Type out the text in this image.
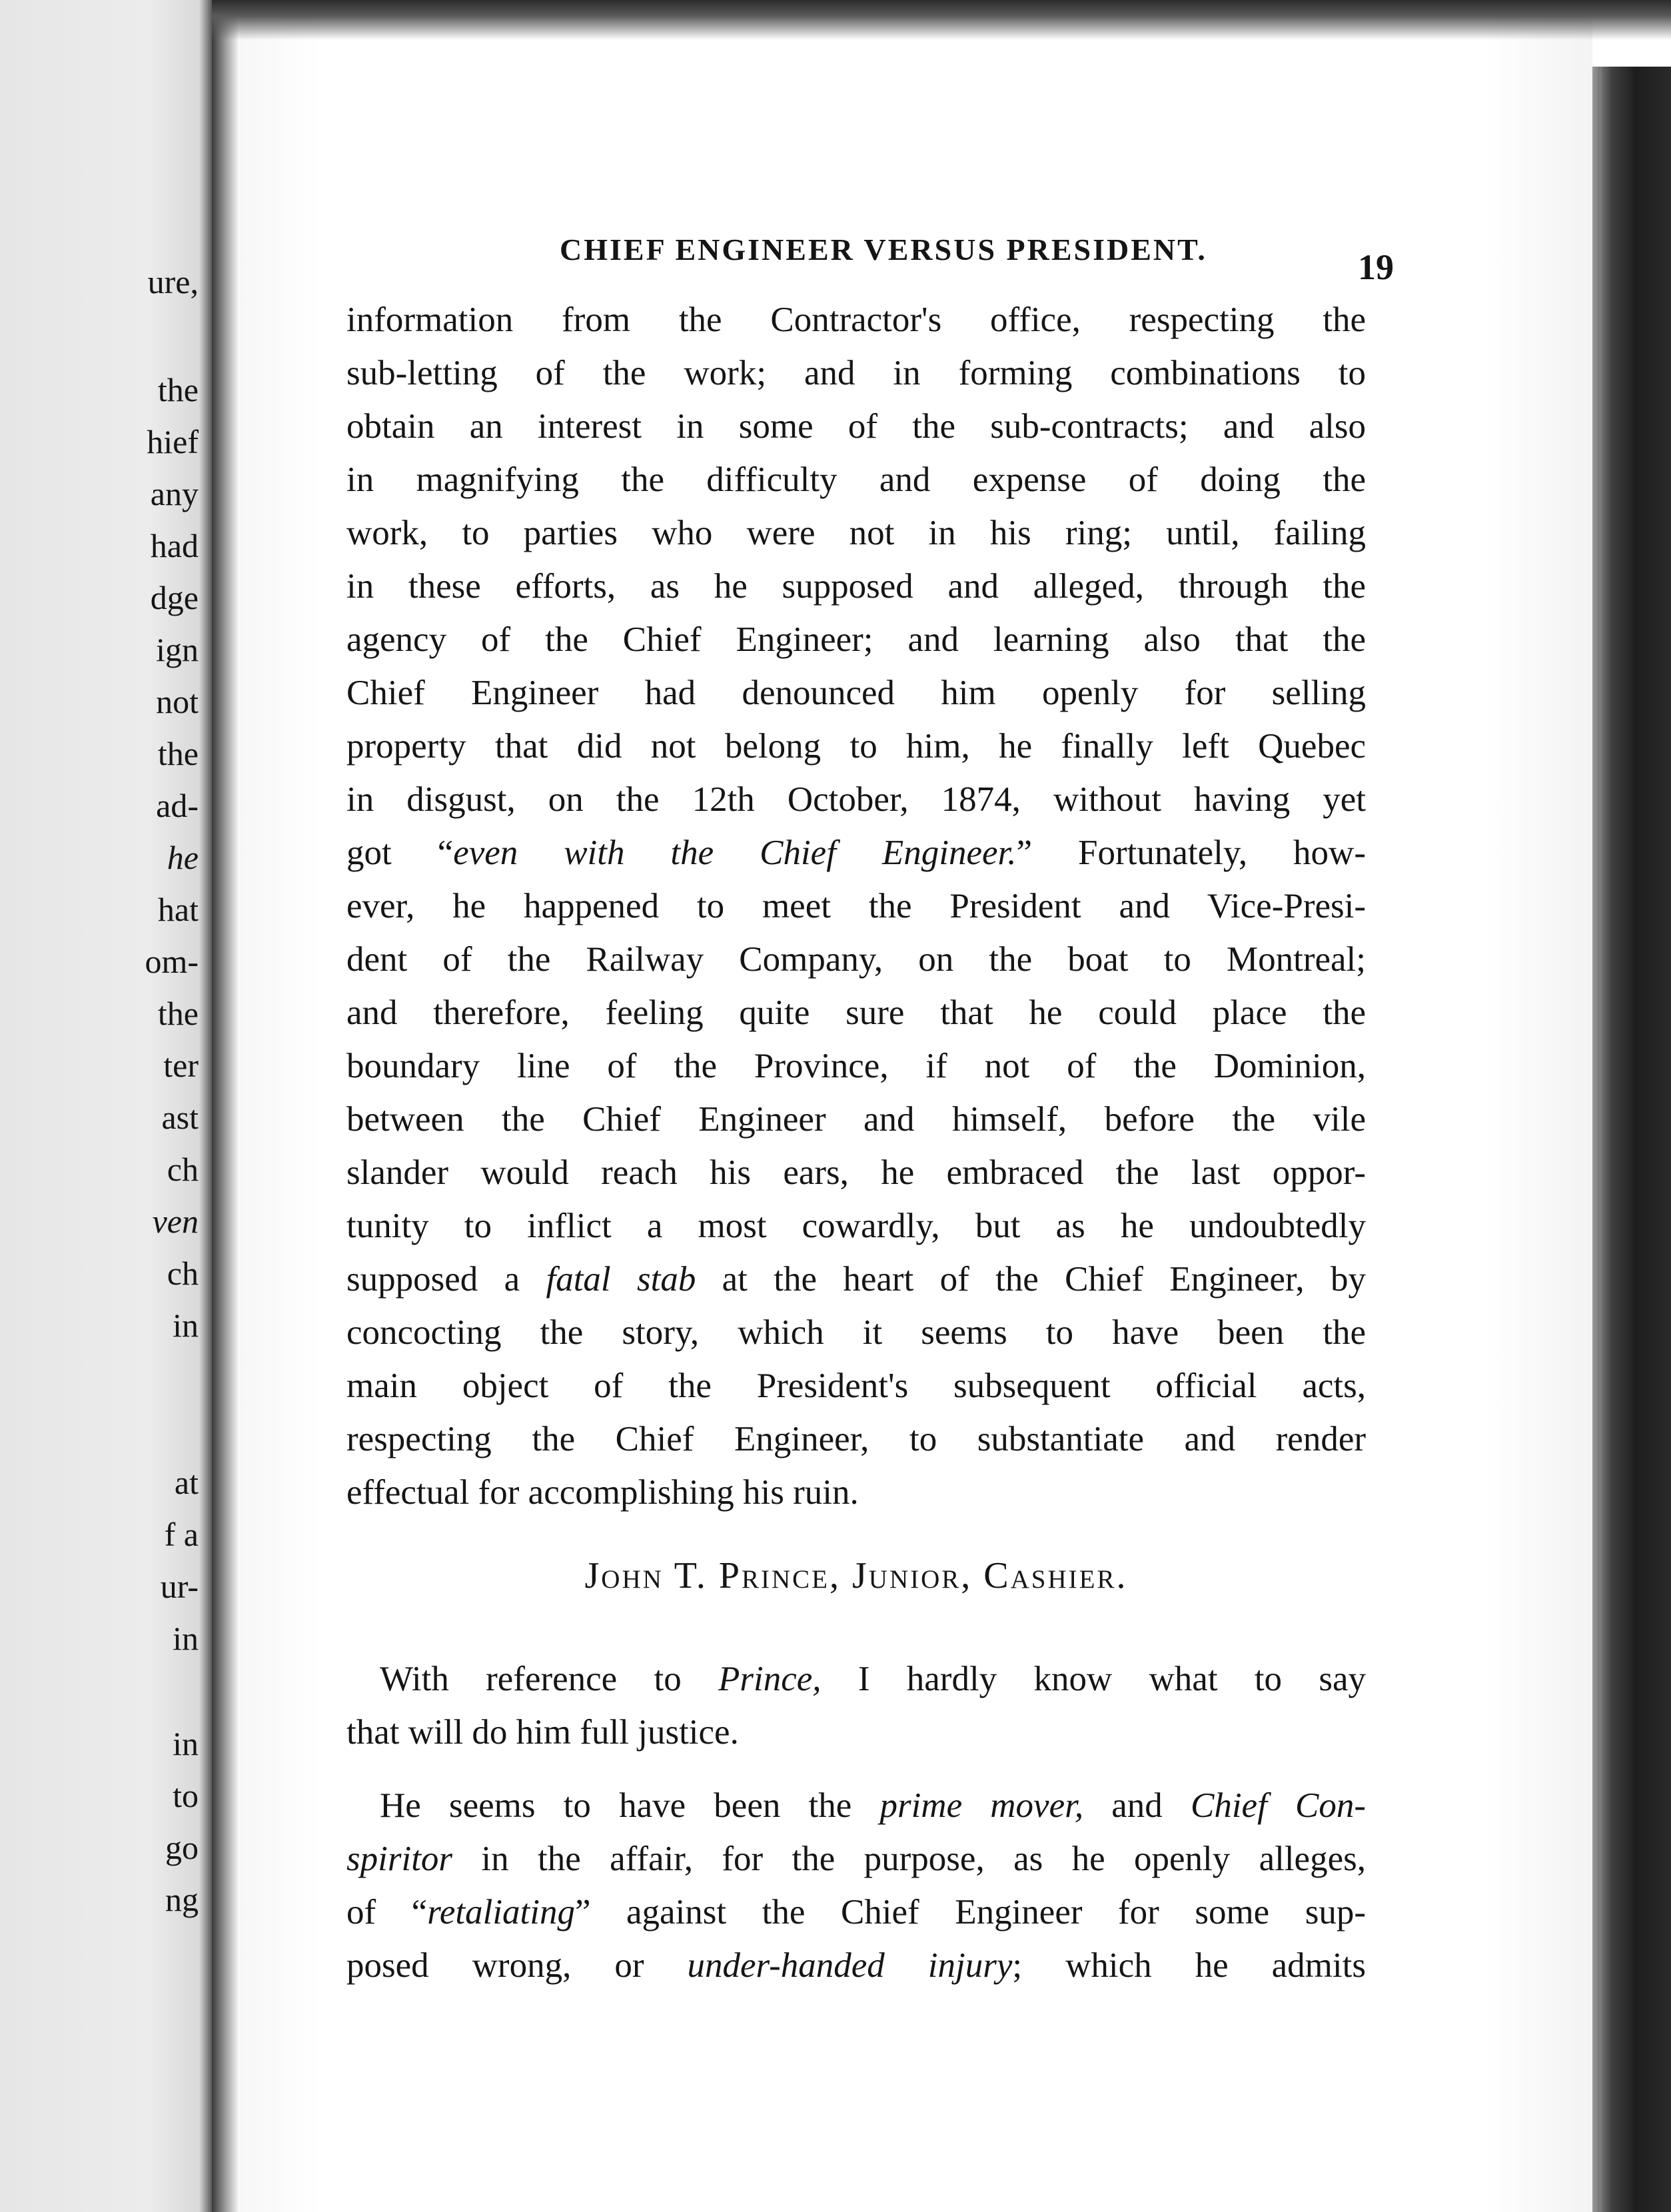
ure,
the
hief
any
had
dge
ign
not
the
ad-
he
hat
om-
the
ter
ast
ch
ven
ch
in
at
f a
ur-
in
in
to
go
ng
CHIEF ENGINEER VERSUS PRESIDENT.	19
information from the Contractor's office, respecting the
sub-letting of the work; and in forming combinations to
obtain an interest in some of the sub-contracts; and also
in magnifying the difficulty and expense of doing the
work, to parties who were not in his ring; until, failing
in these efforts, as he supposed and alleged, through the
agency of the Chief Engineer; and learning also that the
Chief Engineer had denounced him openly for selling
property that did not belong to him, he finally left Quebec
in disgust, on the 12th October, 1874, without having yet
got “even with the Chief Engineer.” Fortunately, how-
ever, he happened to meet the President and Vice-Presi-
dent of the Railway Company, on the boat to Montreal;
and therefore, feeling quite sure that he could place the
boundary line of the Province, if not of the Dominion,
between the Chief Engineer and himself, before the vile
slander would reach his ears, he embraced the last oppor-
tunity to inflict a most cowardly, but as he undoubtedly
supposed a fatal stab at the heart of the Chief Engineer, by
concocting the story, which it seems to have been the
main object of the President's subsequent official acts,
respecting the Chief Engineer, to substantiate and render
effectual for accomplishing his ruin.
John T. Prince, Junior, Cashier.
With reference to Prince, I hardly know what to say
that will do him full justice.
He seems to have been the prime mover, and Chief Con-
spiritor in the affair, for the purpose, as he openly alleges,
of “retaliating” against the Chief Engineer for some sup-
posed wrong, or under-handed injury; which he admits
